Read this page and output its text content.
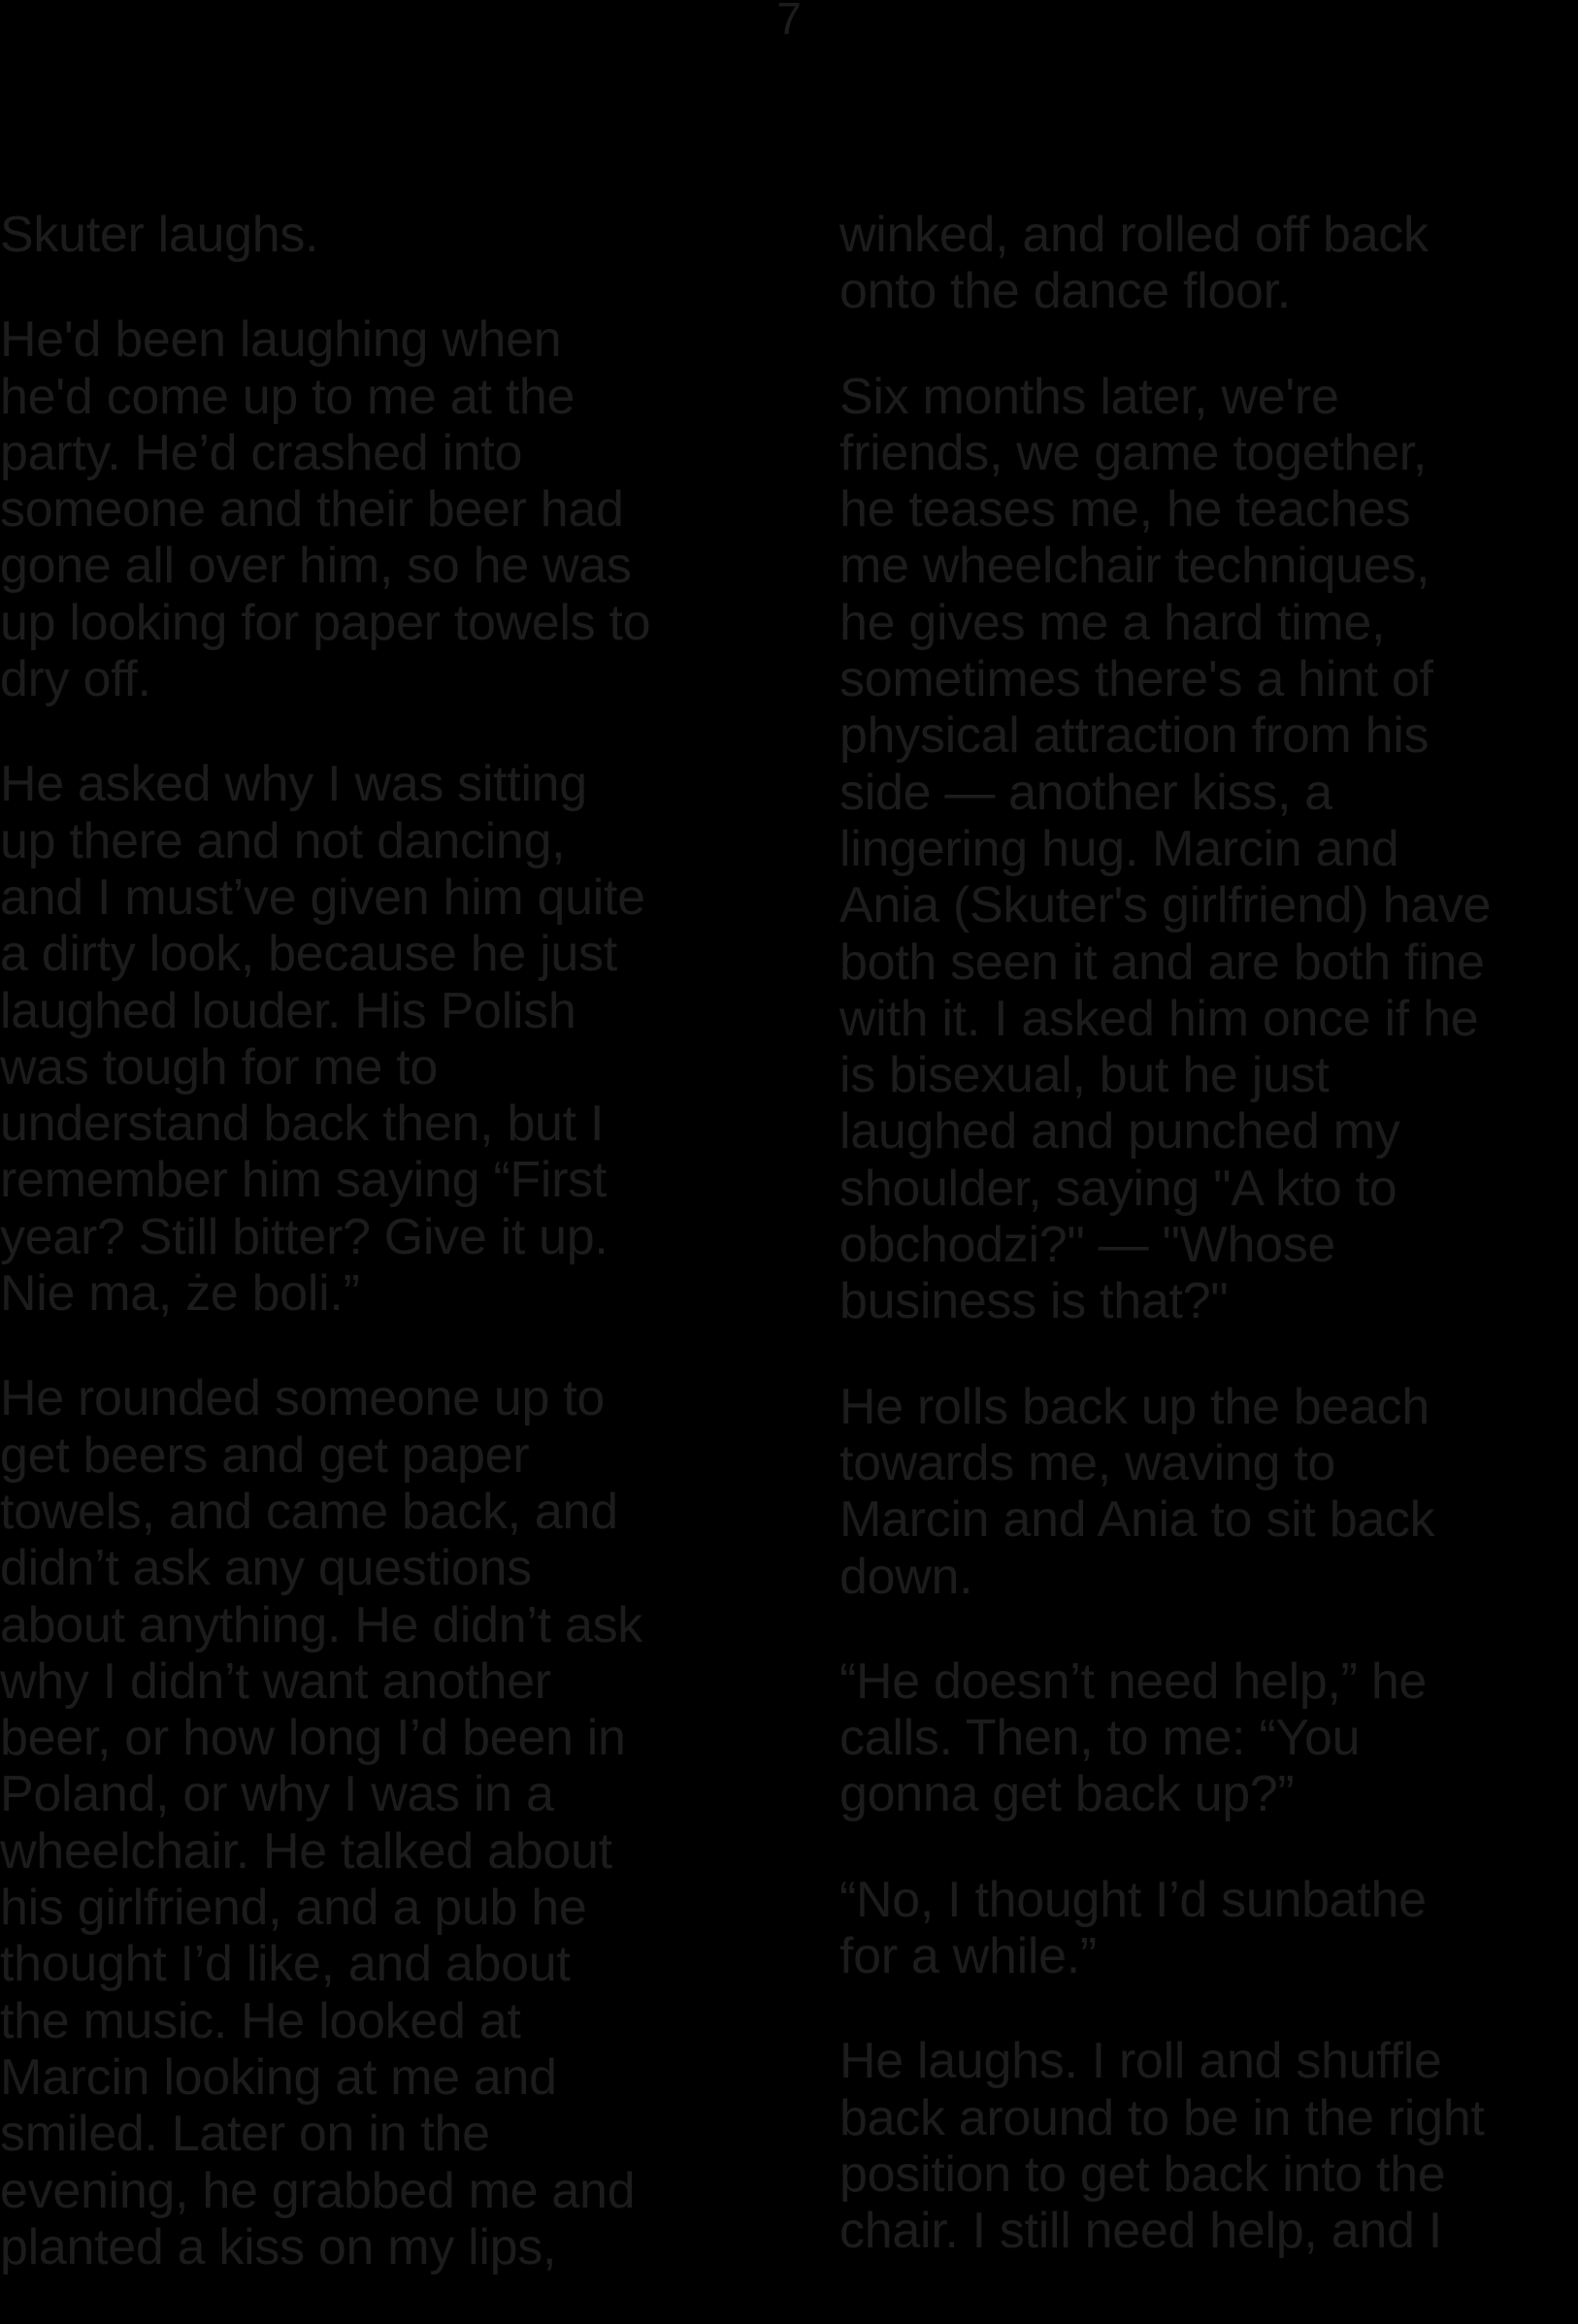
7

Skuter laughs.

He'd been laughing when
he'd come up to me at the
party. He’d crashed into
someone and their beer had
gone all over him, so he was
up looking for paper towels to
dry off.

He asked why I was sitting
up there and not dancing,
and I must’ve given him quite
a dirty look, because he just
laughed louder. His Polish
was tough for me to
understand back then, but I
remember him saying “First
year? Still bitter? Give it up.
Nie ma, że boli.”

He rounded someone up to
get beers and get paper
towels, and came back, and
didn’t ask any questions
about anything. He didn’t ask
why I didn’t want another
beer, or how long I’d been in
Poland, or why I was in a
wheelchair. He talked about
his girlfriend, and a pub he
thought I’d like, and about
the music. He looked at
Marcin looking at me and
smiled. Later on in the
evening, he grabbed me and
planted a kiss on my lips,

winked, and rolled off back
onto the dance floor.

Six months later, we're
friends, we game together,
he teases me, he teaches
me wheelchair techniques,
he gives me a hard time,
sometimes there's a hint of
physical attraction from his
side — another kiss, a
lingering hug. Marcin and
Ania (Skuter's girlfriend) have
both seen it and are both fine
with it. I asked him once if he
is bisexual, but he just
laughed and punched my
shoulder, saying "A kto to
obchodzi?" — "Whose
business is that?"

He rolls back up the beach
towards me, waving to
Marcin and Ania to sit back
down.

“He doesn’t need help,” he
calls. Then, to me: “You
gonna get back up?”

“No, I thought I’d sunbathe
for a while.”

He laughs. I roll and shuffle
back around to be in the right
position to get back into the
chair. I still need help, and I
